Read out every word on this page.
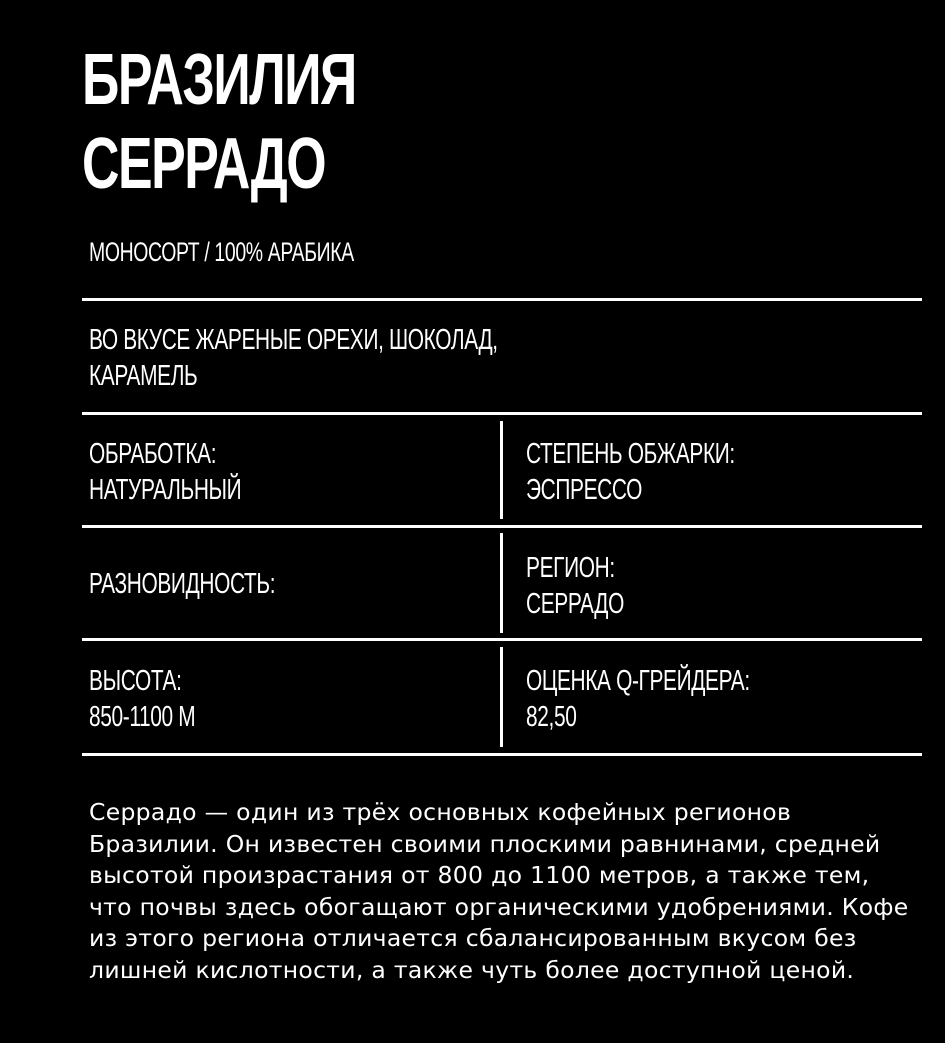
БРАЗИЛИЯ
СЕРРАДО
МОНОСОРТ / 100% АРАБИКА
ВО ВКУСЕ ЖАРЕНЫЕ ОРЕХИ, ШОКОЛАД,
КАРАМЕЛЬ
ОБРАБОТКА:
НАТУРАЛЬНЫЙ
СТЕПЕНЬ ОБЖАРКИ:
ЭСПРЕССО
РАЗНОВИДНОСТЬ:	РЕГИОН:
СЕРРАДО
ВЫСОТА:
850-1100 М
ОЦЕНКА Q-ГРЕЙДЕРА:
82,50

Серрадо — один из трёх основных кофейных регионов Бразилии. Он известен своими плоскими равнинами, средней высотой произрастания от 800 до 1100 метров, а также тем, что почвы здесь обогащают органическими удобрениями. Кофе из этого региона отличается сбалансированным вкусом без лишней кислотности, а также чуть более доступной ценой.
